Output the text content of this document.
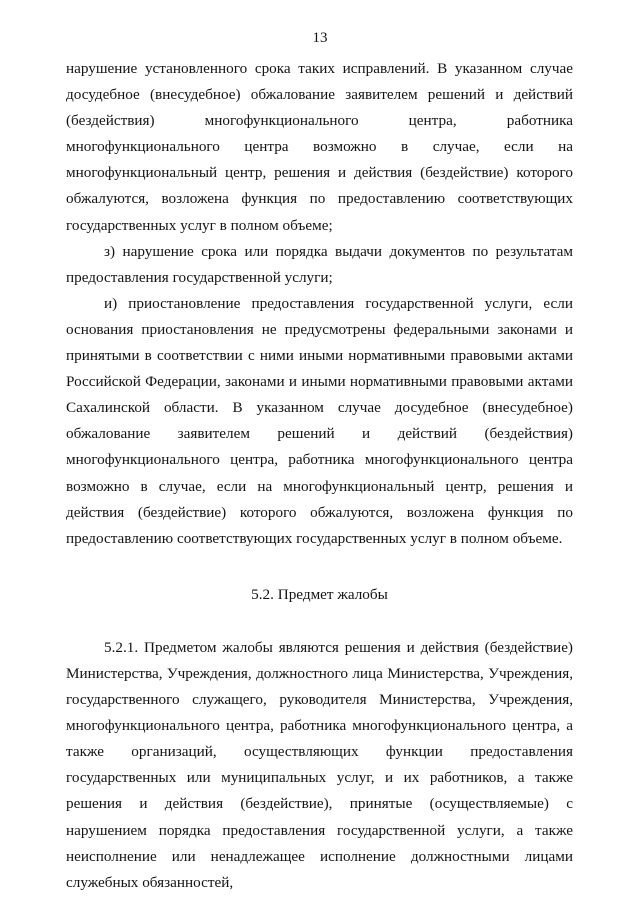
13

нарушение установленного срока таких исправлений. В указанном случае досудебное (внесудебное) обжалование заявителем решений и действий (бездействия) многофункционального центра, работника многофункционального центра возможно в случае, если на многофункциональный центр, решения и действия (бездействие) которого обжалуются, возложена функция по предоставлению соответствующих государственных услуг в полном объеме;

з) нарушение срока или порядка выдачи документов по результатам предоставления государственной услуги;

и) приостановление предоставления государственной услуги, если основания приостановления не предусмотрены федеральными законами и принятыми в соответствии с ними иными нормативными правовыми актами Российской Федерации, законами и иными нормативными правовыми актами Сахалинской области. В указанном случае досудебное (внесудебное) обжалование заявителем решений и действий (бездействия) многофункционального центра, работника многофункционального центра возможно в случае, если на многофункциональный центр, решения и действия (бездействие) которого обжалуются, возложена функция по предоставлению соответствующих государственных услуг в полном объеме.

5.2. Предмет жалобы

5.2.1. Предметом жалобы являются решения и действия (бездействие) Министерства, Учреждения, должностного лица Министерства, Учреждения, государственного служащего, руководителя Министерства, Учреждения, многофункционального центра, работника многофункционального центра, а также организаций, осуществляющих функции предоставления государственных или муниципальных услуг, и их работников, а также решения и действия (бездействие), принятые (осуществляемые) с нарушением порядка предоставления государственной услуги, а также неисполнение или ненадлежащее исполнение должностными лицами служебных обязанностей,
